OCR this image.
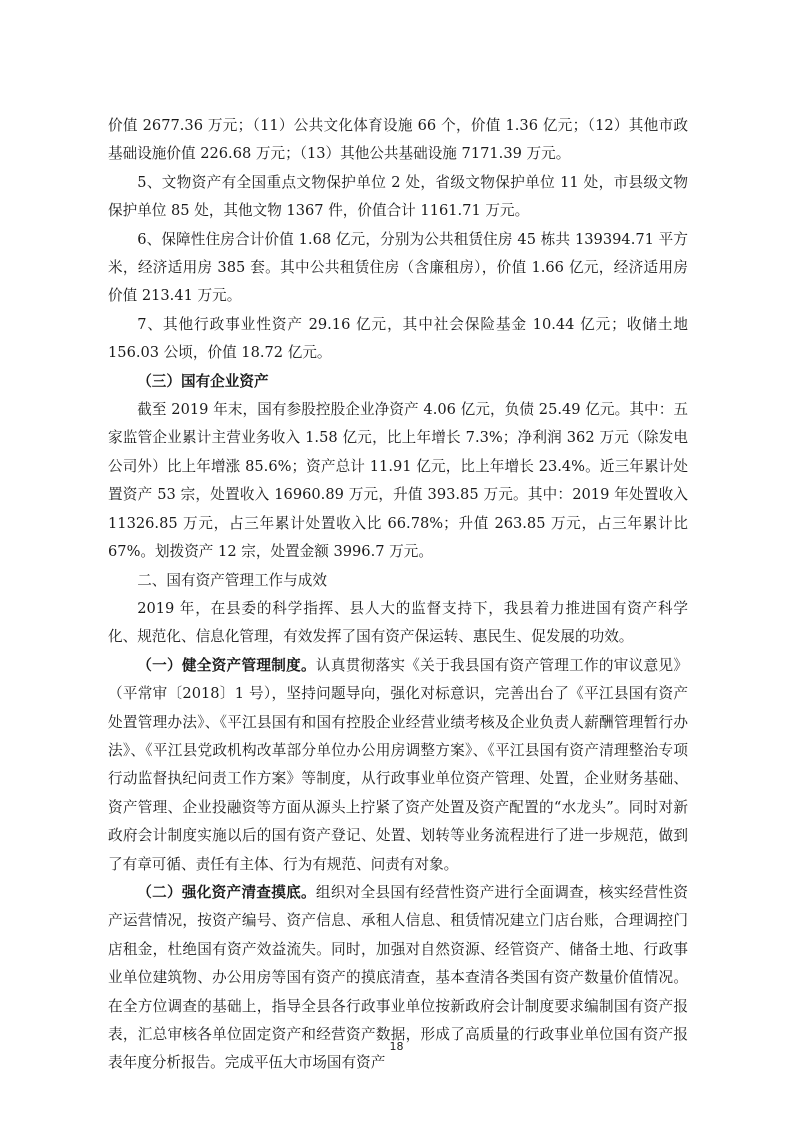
价值 2677.36 万元；（11）公共文化体育设施 66 个，价值 1.36 亿元；（12）其他市政基础设施价值 226.68 万元；（13）其他公共基础设施 7171.39 万元。

5、文物资产有全国重点文物保护单位 2 处，省级文物保护单位 11 处，市县级文物保护单位 85 处，其他文物 1367 件，价值合计 1161.71 万元。

6、保障性住房合计价值 1.68 亿元，分别为公共租赁住房 45 栋共 139394.71 平方米，经济适用房 385 套。其中公共租赁住房（含廉租房），价值 1.66 亿元，经济适用房价值 213.41 万元。

7、其他行政事业性资产 29.16 亿元，其中社会保险基金 10.44 亿元；收储土地 156.03 公顷，价值 18.72 亿元。

（三）国有企业资产

截至 2019 年末，国有参股控股企业净资产 4.06 亿元，负债 25.49 亿元。其中：五家监管企业累计主营业务收入 1.58 亿元，比上年增长 7.3%；净利润 362 万元（除发电公司外）比上年增涨 85.6%；资产总计 11.91 亿元，比上年增长 23.4%。近三年累计处置资产 53 宗，处置收入 16960.89 万元，升值 393.85 万元。其中：2019 年处置收入 11326.85 万元，占三年累计处置收入比 66.78%；升值 263.85 万元，占三年累计比 67%。划拨资产 12 宗，处置金额 3996.7 万元。

二、国有资产管理工作与成效

2019 年，在县委的科学指挥、县人大的监督支持下，我县着力推进国有资产科学化、规范化、信息化管理，有效发挥了国有资产保运转、惠民生、促发展的功效。

（一）健全资产管理制度。认真贯彻落实《关于我县国有资产管理工作的审议意见》（平常审〔2018〕1 号），坚持问题导向，强化对标意识，完善出台了《平江县国有资产处置管理办法》、《平江县国有和国有控股企业经营业绩考核及企业负责人薪酬管理暂行办法》、《平江县党政机构改革部分单位办公用房调整方案》、《平江县国有资产清理整治专项行动监督执纪问责工作方案》等制度，从行政事业单位资产管理、处置，企业财务基础、资产管理、企业投融资等方面从源头上拧紧了资产处置及资产配置的“水龙头”。同时对新政府会计制度实施以后的国有资产登记、处置、划转等业务流程进行了进一步规范，做到了有章可循、责任有主体、行为有规范、问责有对象。

（二）强化资产清查摸底。组织对全县国有经营性资产进行全面调查，核实经营性资产运营情况，按资产编号、资产信息、承租人信息、租赁情况建立门店台账，合理调控门店租金，杜绝国有资产效益流失。同时，加强对自然资源、经管资产、储备土地、行政事业单位建筑物、办公用房等国有资产的摸底清查，基本查清各类国有资产数量价值情况。在全方位调查的基础上，指导全县各行政事业单位按新政府会计制度要求编制国有资产报表，汇总审核各单位固定资产和经营资产数据，形成了高质量的行政事业单位国有资产报表年度分析报告。完成平伍大市场国有资产

18
